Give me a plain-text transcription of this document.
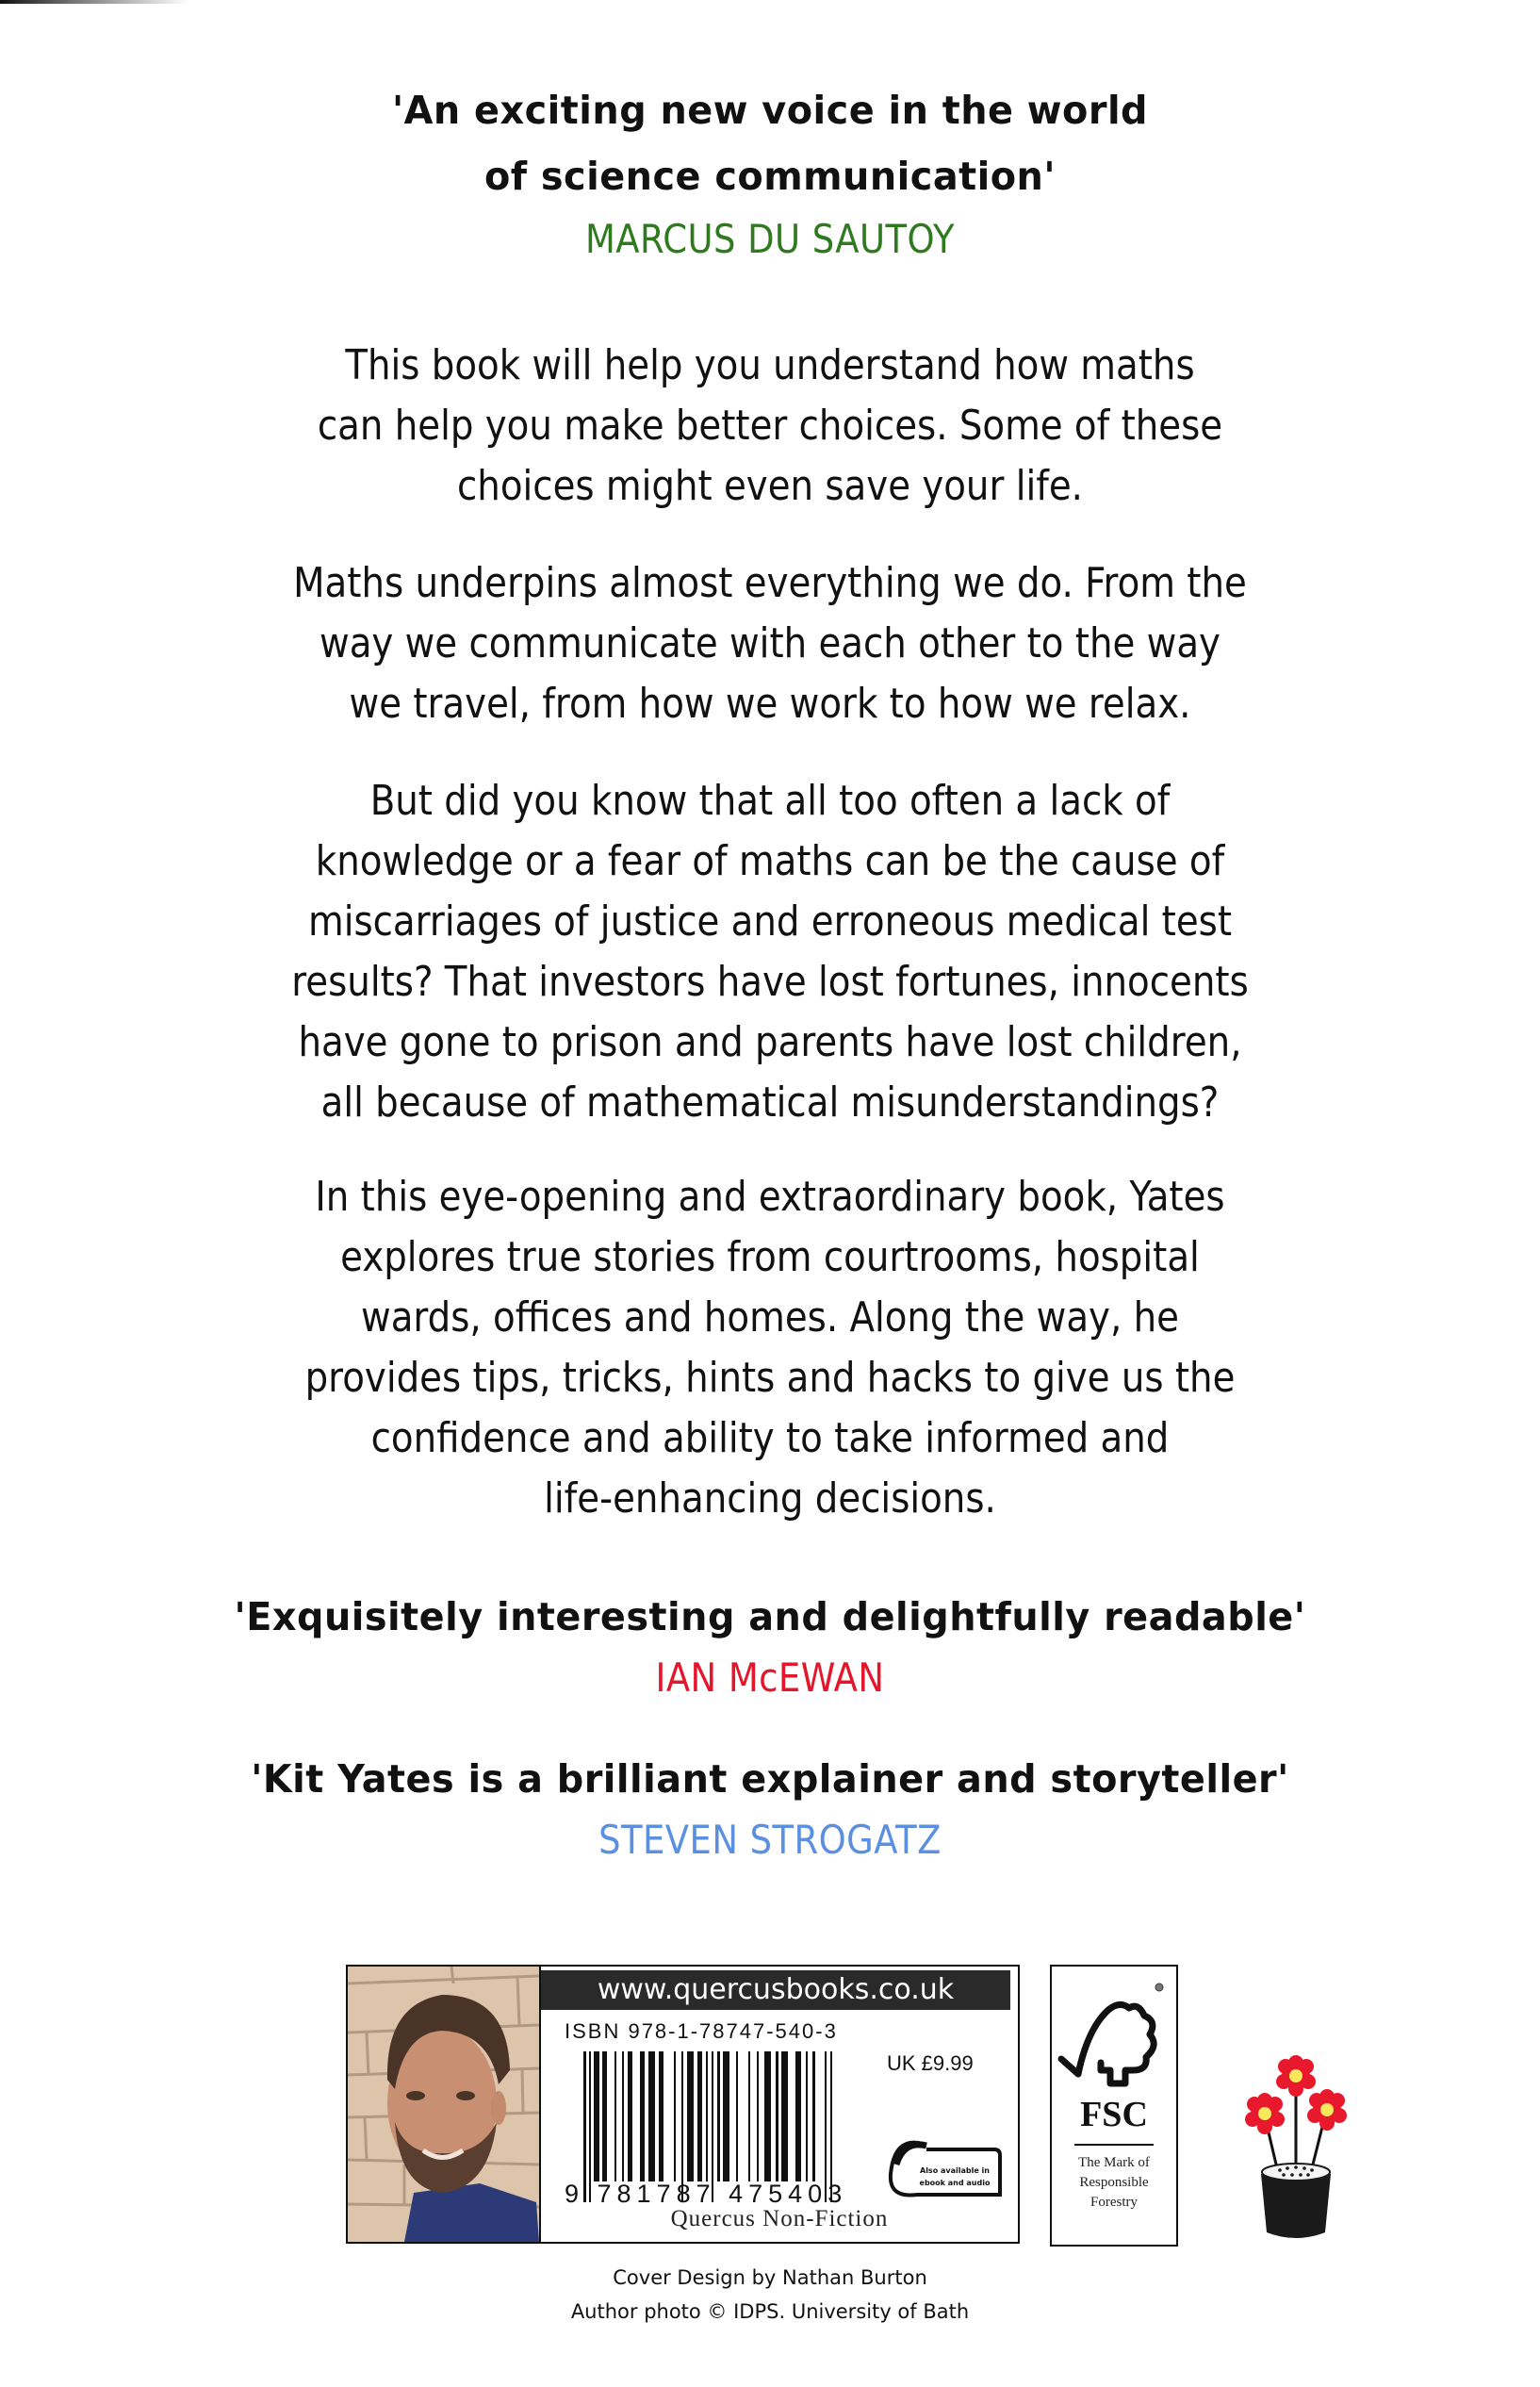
'An exciting new voice in the world
of science communication'
MARCUS DU SAUTOY

This book will help you understand how maths

can help you make better choices. Some of these

choices might even save your life.

Maths underpins almost everything we do. From the

way we communicate with each other to the way

we travel, from how we work to how we relax.

But did you know that all too often a lack of

knowledge or a fear of maths can be the cause of

miscarriages of justice and erroneous medical test

results? That investors have lost fortunes, innocents

have gone to prison and parents have lost children,

all because of mathematical misunderstandings?

In this eye-opening and extraordinary book, Yates

explores true stories from courtrooms, hospital

wards, offices and homes. Along the way, he

provides tips, tricks, hints and hacks to give us the

confidence and ability to take informed and

life-enhancing decisions.

'Exquisitely interesting and delightfully readable'
IAN McEWAN
'Kit Yates is a brilliant explainer and storyteller'
STEVEN STROGATZ
www.quercusbooks.co.uk
ISBN 978-1-78747-540-3
UK £9.99
9 781787 475403
Also available in
ebook and audio
Quercus Non-Fiction
FSC
The Mark of
Responsible
Forestry
Cover Design by Nathan Burton
Author photo © IDPS. University of Bath
